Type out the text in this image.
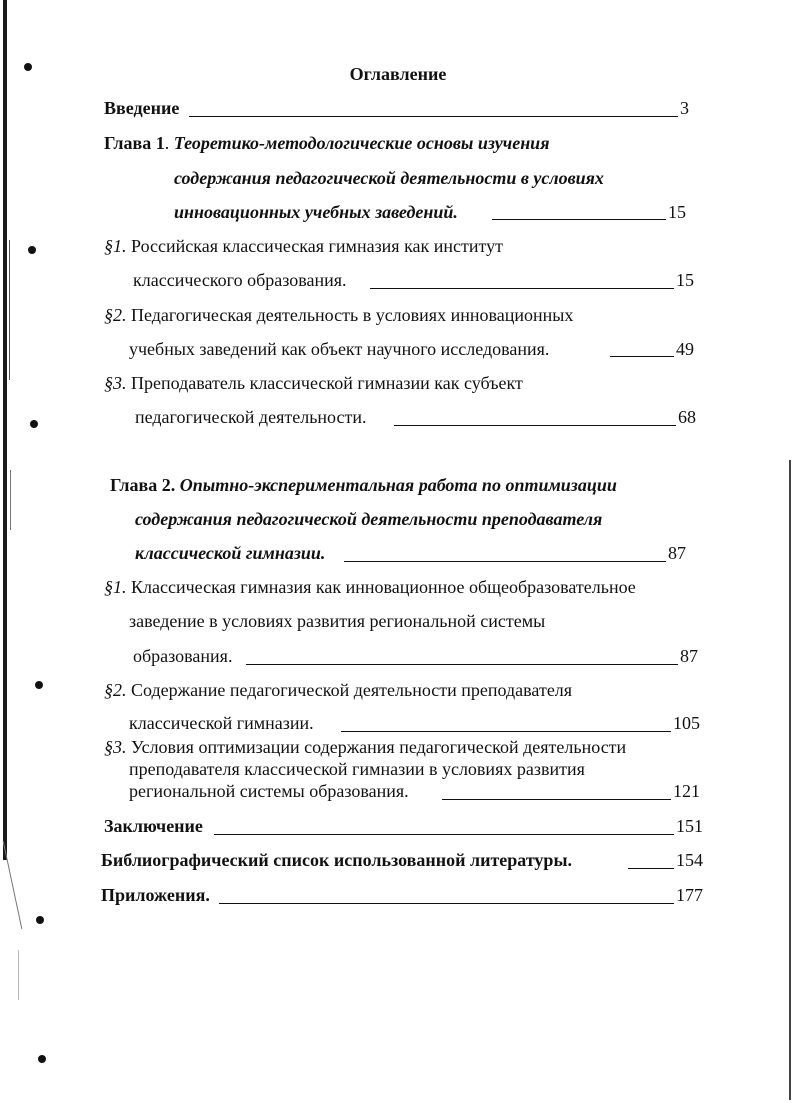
Оглавление
Введение	3
Глава 1. Теоретико-методологические основы изучения
содержания педагогической деятельности в условиях
инновационных учебных заведений.	15
§1. Российская классическая гимназия как институт
классического образования.	15
§2. Педагогическая деятельность в условиях инновационных
учебных заведений как объект научного исследования.	49
§3. Преподаватель классической гимназии как субъект
педагогической деятельности.	68
Глава 2. Опытно-экспериментальная работа по оптимизации
содержания педагогической деятельности преподавателя
классической гимназии.	87
§1. Классическая гимназия как инновационное общеобразовательное
заведение в условиях развития региональной системы
образования.	87
§2. Содержание педагогической деятельности преподавателя
классической гимназии.	105
§3. Условия оптимизации содержания педагогической деятельности
преподавателя классической гимназии в условиях развития
региональной системы образования.	121
Заключение	151
Библиографический список использованной литературы.	154
Приложения.	177
